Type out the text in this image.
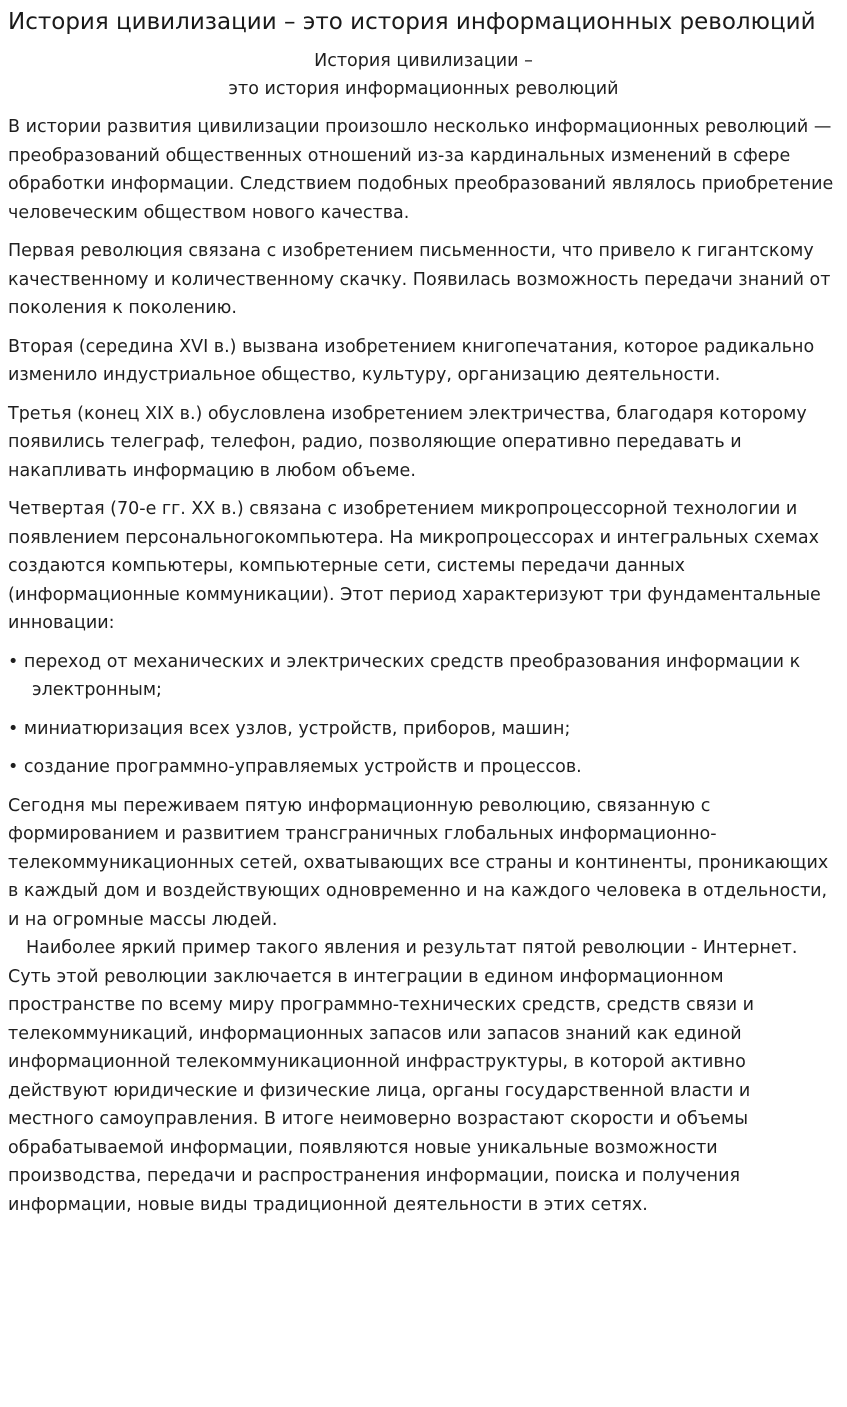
История цивилизации – это история информационных революций
История цивилизации –
это история информационных революций

В истории развития цивилизации произошло несколько информационных революций — преобразований общественных отношений из-за кардинальных изменений в сфере обработки информации. Следствием подобных преобразований являлось приобретение человеческим обществом нового качества.

Первая революция связана с изобретением письменности, что привело к гигантскому качественному и количественному скачку. Появилась возможность передачи знаний от поколения к поколению.

Вторая (середина XVI в.) вызвана изобретением книгопечатания, которое радикально изменило индустриальное общество, культуру, организацию деятельности.

Третья (конец XIX в.) обусловлена изобретением электричества, благодаря которому появились телеграф, телефон, радио, позволяющие оперативно передавать и накапливать информацию в любом объеме.

Четвертая (70-е гг. XX в.) связана с изобретением микропроцессорной технологии и появлением персональногокомпьютера. На микропроцессорах и интегральных схемах создаются компьютеры, компьютерные сети, системы передачи данных (информационные коммуникации). Этот период характеризуют три фундаментальные инновации:

• переход от механических и электрических средств преобразования информации к
электронным;

• миниатюризация всех узлов, устройств, приборов, машин;

• создание программно-управляемых устройств и процессов.

Сегодня мы переживаем пятую информационную революцию, связанную с формированием и развитием трансграничных глобальных информационно-телекоммуникационных сетей, охватывающих все страны и континенты, проникающих в каждый дом и воздействующих одновременно и на каждого человека в отдельности, и на огромные массы людей.

Наиболее яркий пример такого явления и результат пятой революции - Интернет. Суть этой революции заключается в интеграции в едином информационном пространстве по всему миру программно-технических средств, средств связи и телекоммуникаций, информационных запасов или запасов знаний как единой информационной телекоммуникационной инфраструктуры, в которой активно действуют юридические и физические лица, органы государственной власти и местного самоуправления. В итоге неимоверно возрастают скорости и объемы обрабатываемой информации, появляются новые уникальные возможности производства, передачи и распространения информации, поиска и получения информации, новые виды традиционной деятельности в этих сетях.
